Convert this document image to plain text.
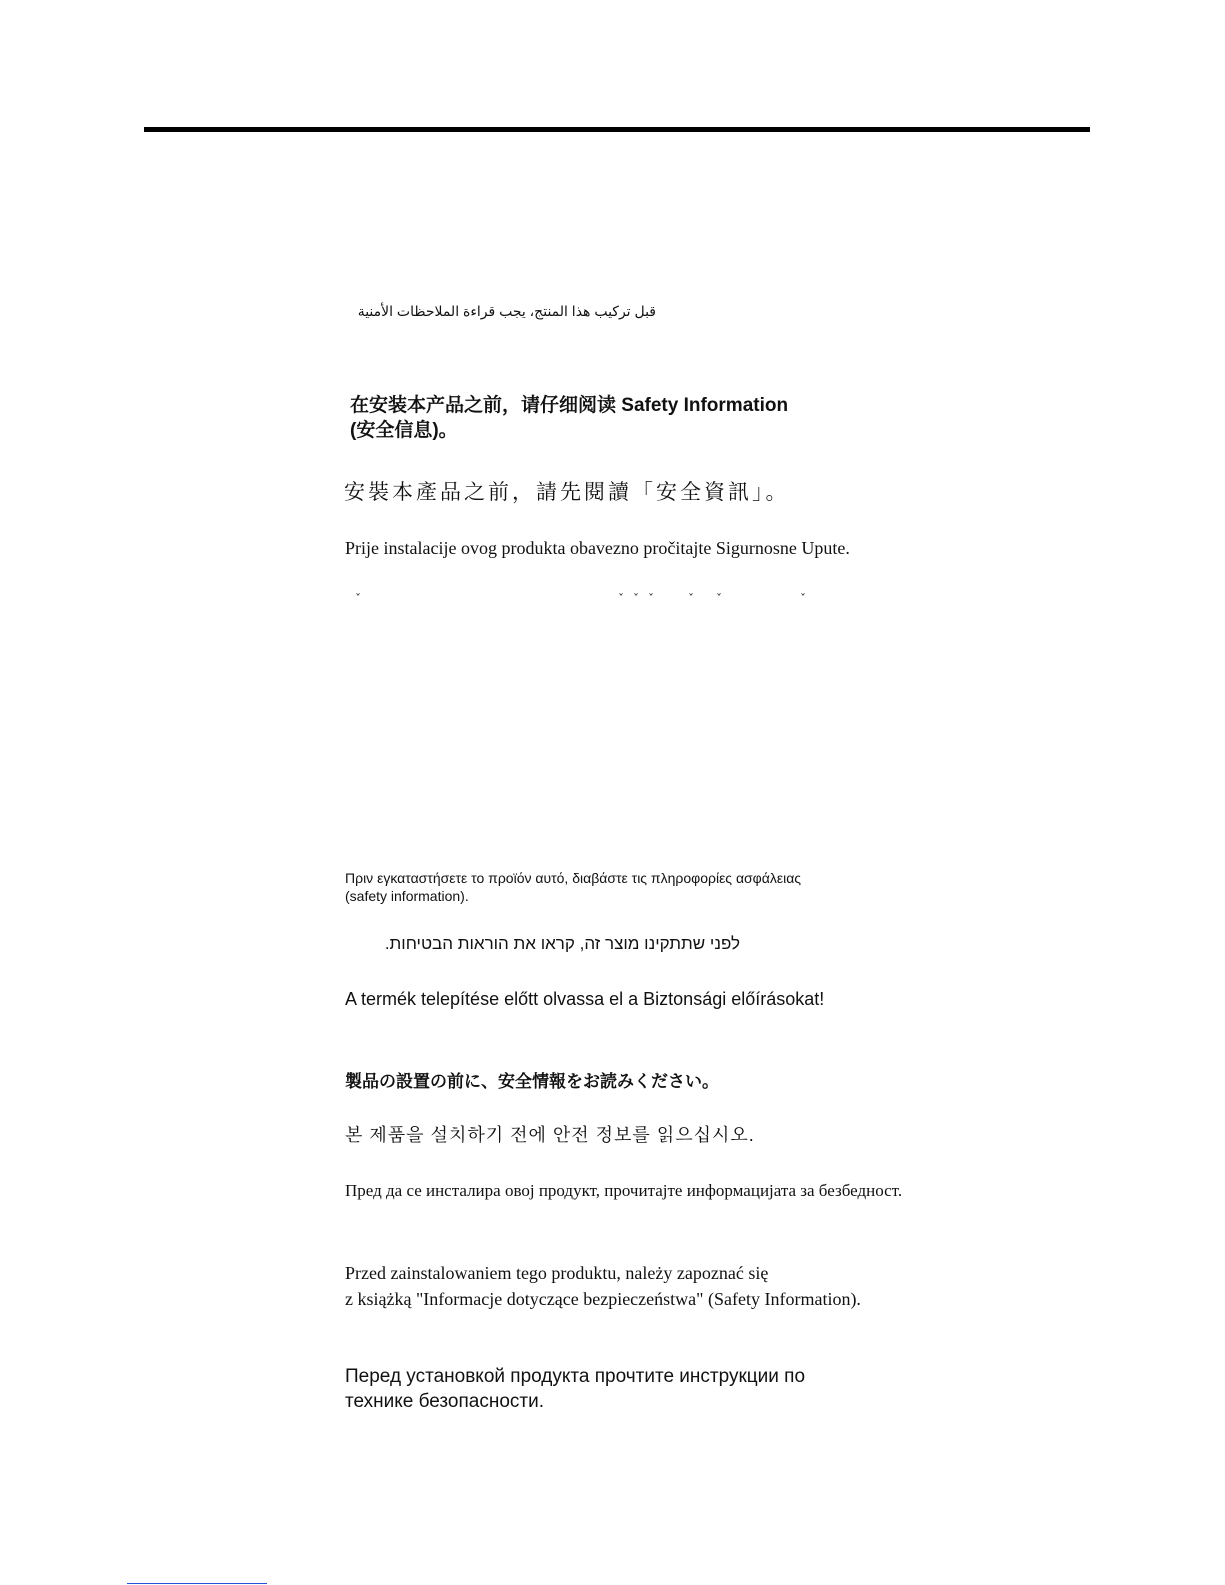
قبل تركيب هذا المنتج، يجب قراءة الملاحظات الأمنية
在安装本产品之前，请仔细阅读 Safety Information
(安全信息)。
安裝本產品之前，請先閱讀「安全資訊」。
Prije instalacije ovog produkta obavezno pročitajte Sigurnosne Upute.
ˇ	ˇ ˇ ˇ	ˇ ˇ	ˇ
Πριν εγκαταστήσετε το προϊόν αυτό, διαβάστε τις πληροφορίες ασφάλειας
(safety information).
לפני שתתקינו מוצר זה, קראו את הוראות הבטיחות.
A termék telepítése előtt olvassa el a Biztonsági előírásokat!
製品の設置の前に、安全情報をお読みください。
본 제품을 설치하기 전에 안전 정보를 읽으십시오.
Пред да се инсталира овој продукт, прочитајте информацијата за безбедност.
Przed zainstalowaniem tego produktu, należy zapoznać się
z książką "Informacje dotyczące bezpieczeństwa" (Safety Information).
Перед установкой продукта прочтите инструкции по
технике безопасности.
